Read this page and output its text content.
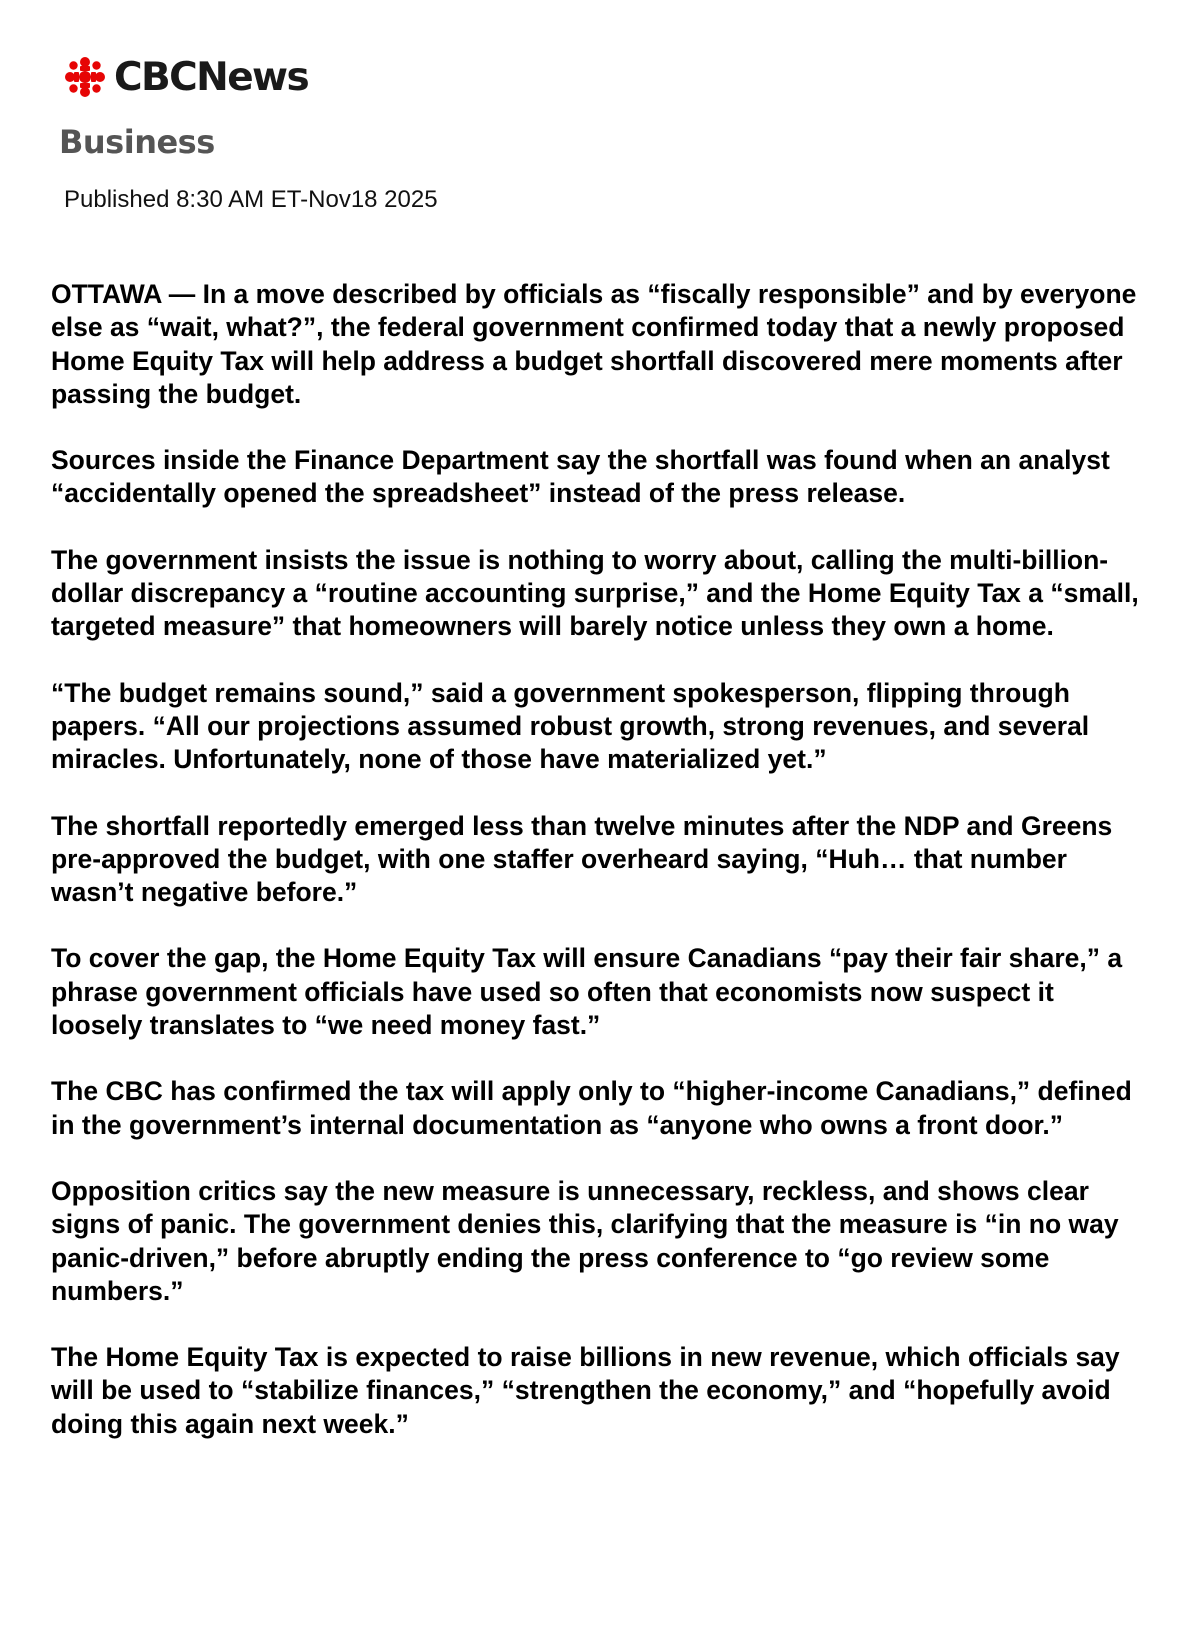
CBCNews
Business
Published 8:30 AM ET-Nov18 2025

OTTAWA — In a move described by officials as “fiscally responsible” and by everyone else as “wait, what?”, the federal government confirmed today that a newly proposed Home Equity Tax will help address a budget shortfall discovered mere moments after passing the budget.

Sources inside the Finance Department say the shortfall was found when an analyst “accidentally opened the spreadsheet” instead of the press release.

The government insists the issue is nothing to worry about, calling the multi-billion-dollar discrepancy a “routine accounting surprise,” and the Home Equity Tax a “small, targeted measure” that homeowners will barely notice unless they own a home.

“The budget remains sound,” said a government spokesperson, flipping through papers. “All our projections assumed robust growth, strong revenues, and several miracles. Unfortunately, none of those have materialized yet.”

The shortfall reportedly emerged less than twelve minutes after the NDP and Greens pre-approved the budget, with one staffer overheard saying, “Huh… that number wasn’t negative before.”

To cover the gap, the Home Equity Tax will ensure Canadians “pay their fair share,” a phrase government officials have used so often that economists now suspect it loosely translates to “we need money fast.”

The CBC has confirmed the tax will apply only to “higher-income Canadians,” defined in the government’s internal documentation as “anyone who owns a front door.”

Opposition critics say the new measure is unnecessary, reckless, and shows clear signs of panic. The government denies this, clarifying that the measure is “in no way panic-driven,” before abruptly ending the press conference to “go review some numbers.”

The Home Equity Tax is expected to raise billions in new revenue, which officials say will be used to “stabilize finances,” “strengthen the economy,” and “hopefully avoid doing this again next week.”
